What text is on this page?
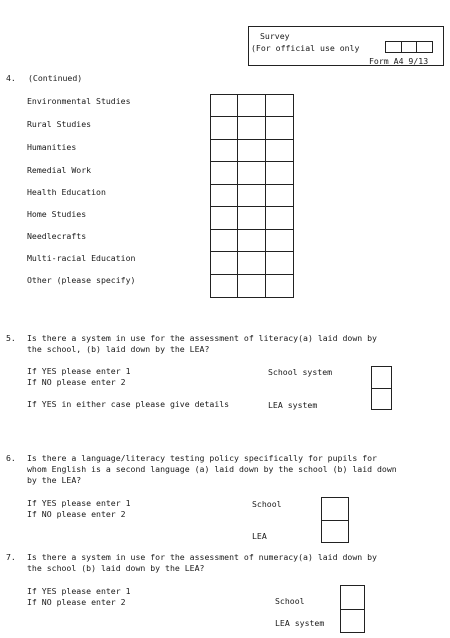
Survey
(For official use only
Form A4 9/13
4. (Continued)
Environmental Studies
Rural Studies
Humanities
Remedial Work
Health Education
Home Studies
Needlecrafts
Multi-racial Education
Other (please specify)
5. Is there a system in use for the assessment of literacy(a) laid down by
the school, (b) laid down by the LEA?
If YES please enter 1
If NO please enter 2
If YES in either case please give details
School system
LEA system
6. Is there a language/literacy testing policy specifically for pupils for
whom English is a second language (a) laid down by the school (b) laid down
by the LEA?
If YES please enter 1
If NO please enter 2
School
LEA
7. Is there a system in use for the assessment of numeracy(a) laid down by
the school (b) laid down by the LEA?
If YES please enter 1
If NO please enter 2	School
LEA system
